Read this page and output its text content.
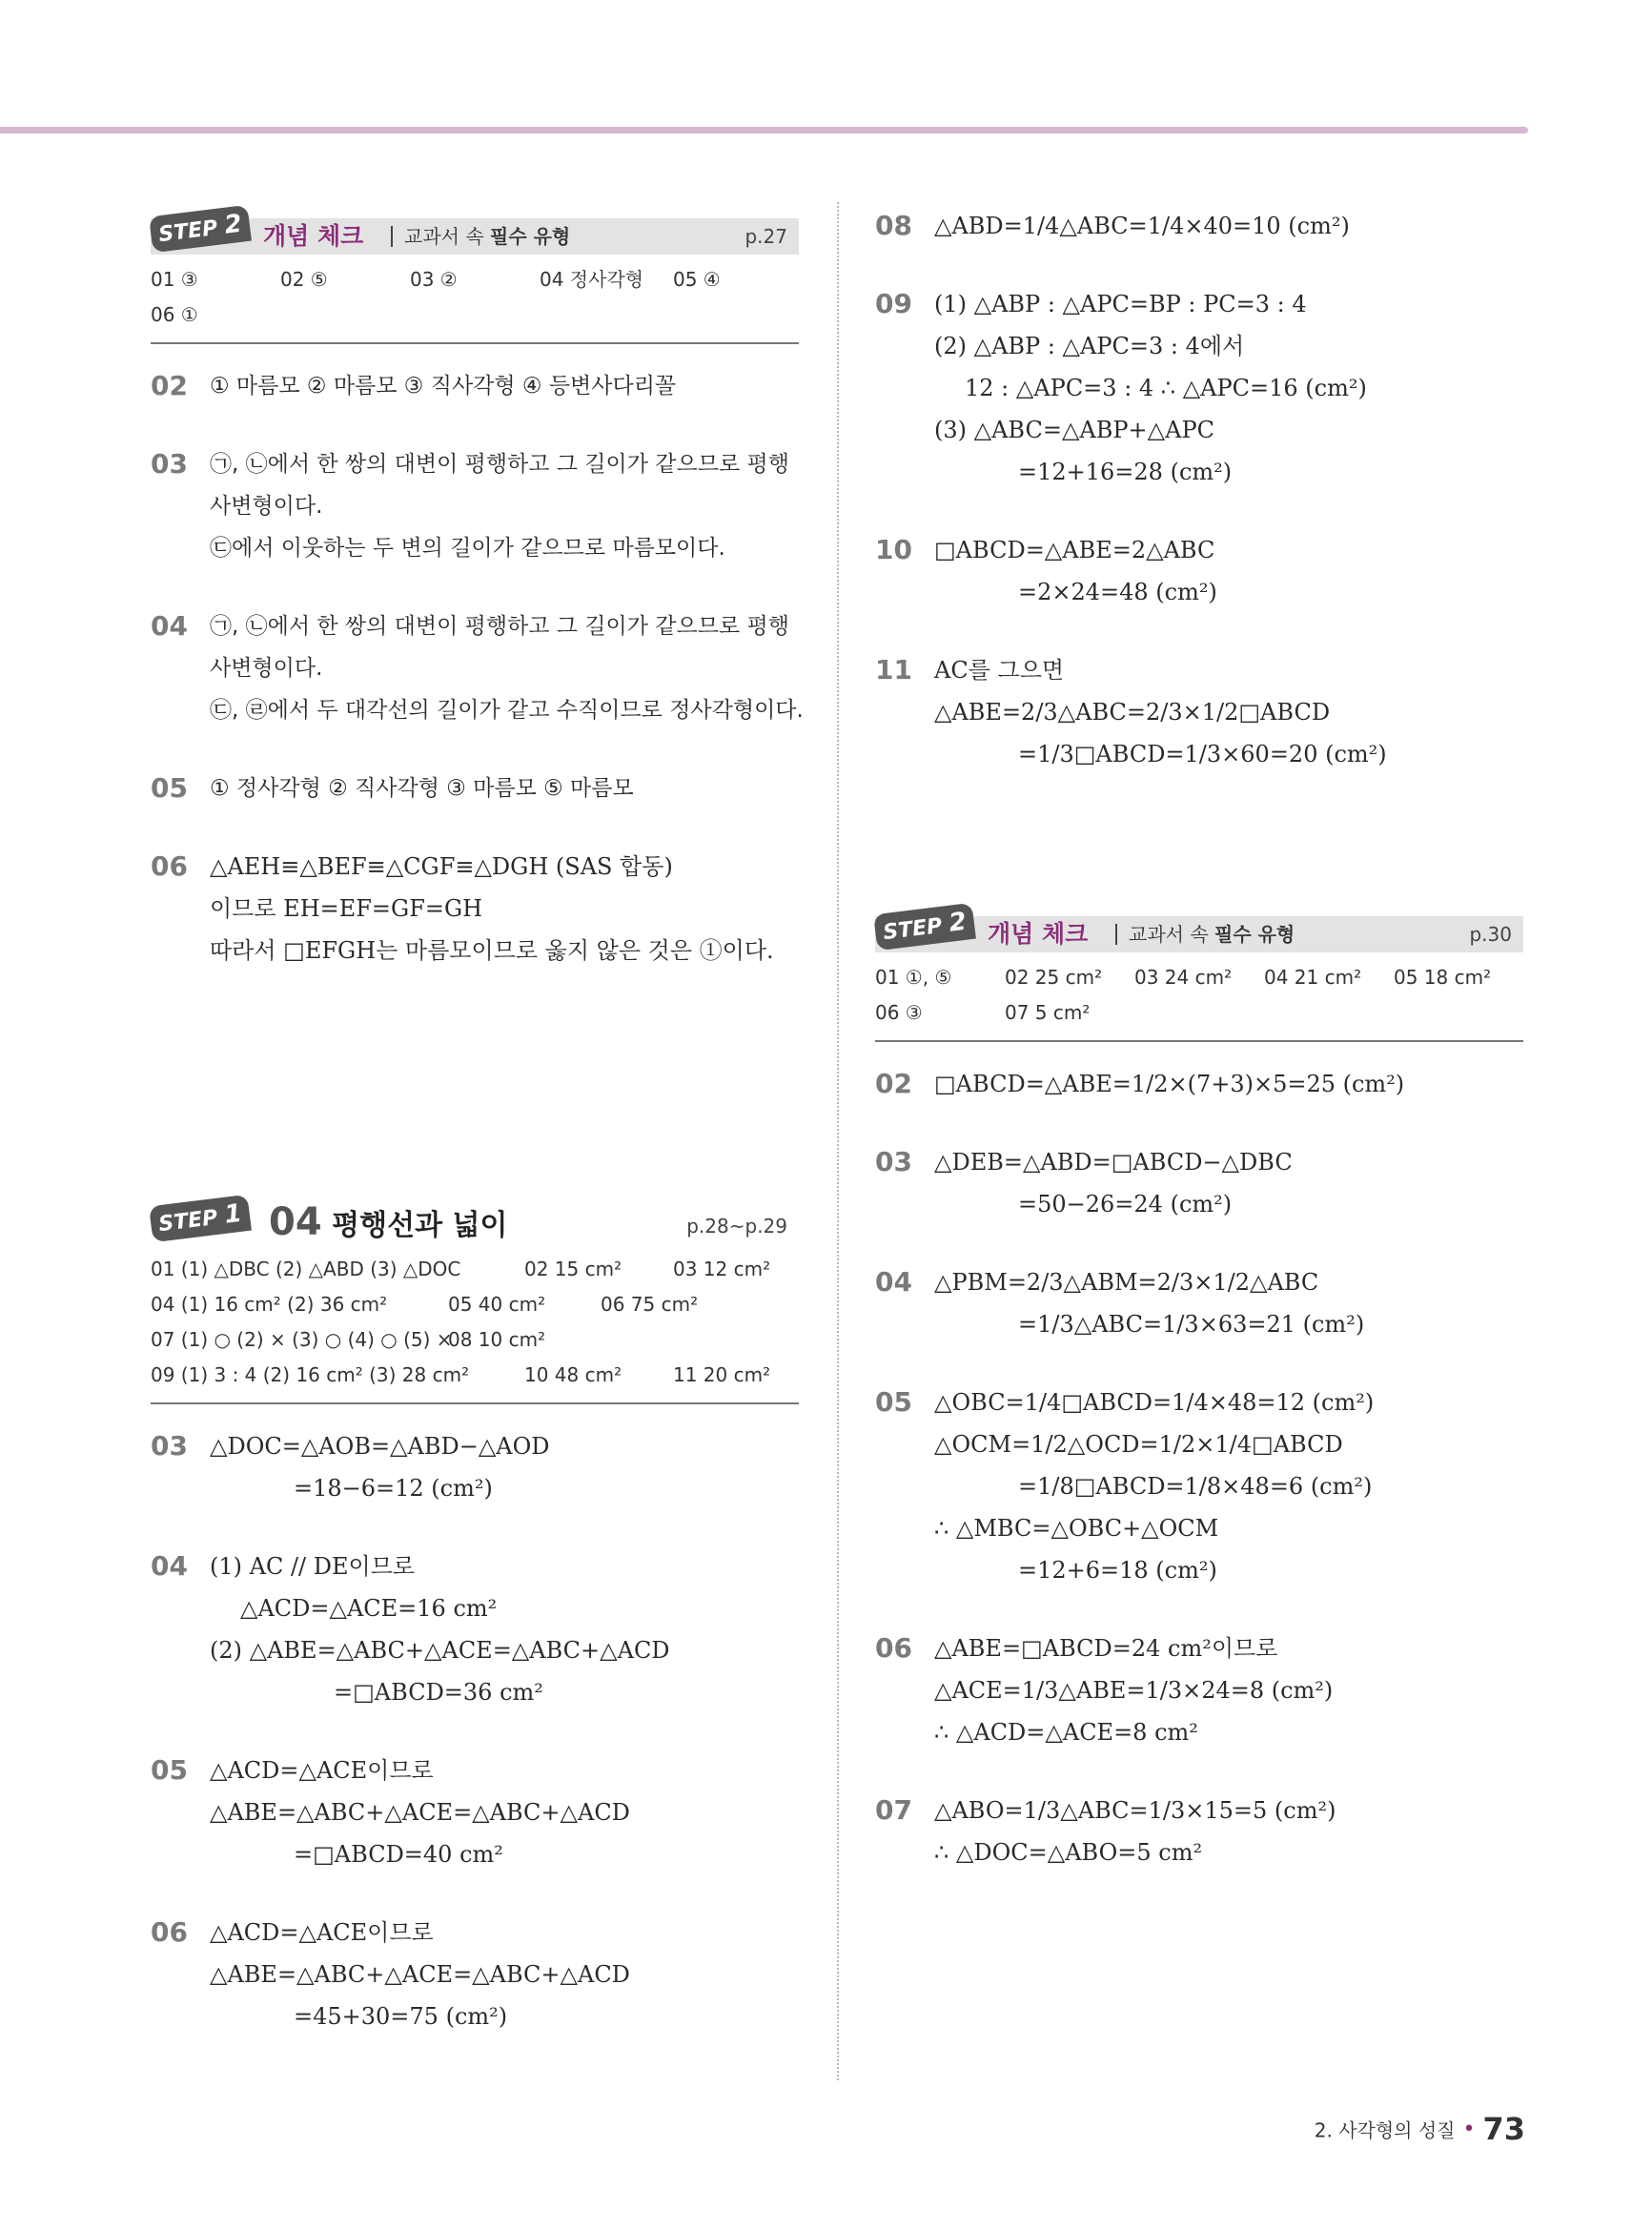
STEP 2 개념 체크 교과서 속 필수 유형	p.27
01 ③	02 ⑤	03 ②	04 정사각형 05 ④
06 ①
02	① 마름모 ② 마름모 ③ 직사각형 ④ 등변사다리꼴
03	㉠, ㉡에서 한 쌍의 대변이 평행하고 그 길이가 같으므로 평행
사변형이다.
㉢에서 이웃하는 두 변의 길이가 같으므로 마름모이다.
04	㉠, ㉡에서 한 쌍의 대변이 평행하고 그 길이가 같으므로 평행
사변형이다.
㉢, ㉣에서 두 대각선의 길이가 같고 수직이므로 정사각형이다.
05	① 정사각형 ② 직사각형 ③ 마름모 ⑤ 마름모
06 △AEH≡△BEF≡△CGF≡△DGH (SAS 합동)
이므로 EH=EF=GF=GH
따라서 □EFGH는 마름모이므로 옳지 않은 것은 ①이다.
STEP 1 04 평행선과 넓이	p.28~p.29
01 (1) △DBC (2) △ABD (3) △DOC	02 15 cm²	03 12 cm²
04 (1) 16 cm² (2) 36 cm²	05 40 cm²	06 75 cm²
07 (1) ○ (2) × (3) ○ (4) ○ (5) ×
08 10 cm²
09 (1) 3 : 4 (2) 16 cm² (3) 28 cm²	10 48 cm²	11 20 cm²
03 △DOC=△AOB=△ABD−△AOD
=18−6=12 (cm²)
04 (1) AC // DE이므로
△ACD=△ACE=16 cm²
(2) △ABE=△ABC+△ACE=△ABC+△ACD
=□ABCD=36 cm²
05 △ACD=△ACE이므로
△ABE=△ABC+△ACE=△ABC+△ACD
=□ABCD=40 cm²
06 △ACD=△ACE이므로
△ABE=△ABC+△ACE=△ABC+△ACD
=45+30=75 (cm²)
08 △ABD=1/4△ABC=1/4×40=10 (cm²)
09 (1) △ABP : △APC=BP : PC=3 : 4
(2) △ABP : △APC=3 : 4에서
12 : △APC=3 : 4 ∴ △APC=16 (cm²)
(3) △ABC=△ABP+△APC
=12+16=28 (cm²)
10 □ABCD=△ABE=2△ABC
=2×24=48 (cm²)
11 AC를 그으면
△ABE=2/3△ABC=2/3×1/2□ABCD
=1/3□ABCD=1/3×60=20 (cm²)
STEP 2 개념 체크 교과서 속 필수 유형	p.30
01 ①, ⑤	02 25 cm² 03 24 cm² 04 21 cm² 05 18 cm²
06 ③	07 5 cm²
02 □ABCD=△ABE=1/2×(7+3)×5=25 (cm²)
03 △DEB=△ABD=□ABCD−△DBC
=50−26=24 (cm²)
04 △PBM=2/3△ABM=2/3×1/2△ABC
=1/3△ABC=1/3×63=21 (cm²)
05 △OBC=1/4□ABCD=1/4×48=12 (cm²)
△OCM=1/2△OCD=1/2×1/4□ABCD
=1/8□ABCD=1/8×48=6 (cm²)
∴ △MBC=△OBC+△OCM
=12+6=18 (cm²)
06 △ABE=□ABCD=24 cm²이므로
△ACE=1/3△ABE=1/3×24=8 (cm²)
∴ △ACD=△ACE=8 cm²
07 △ABO=1/3△ABC=1/3×15=5 (cm²)
∴ △DOC=△ABO=5 cm²
2. 사각형의 성질 • 73
